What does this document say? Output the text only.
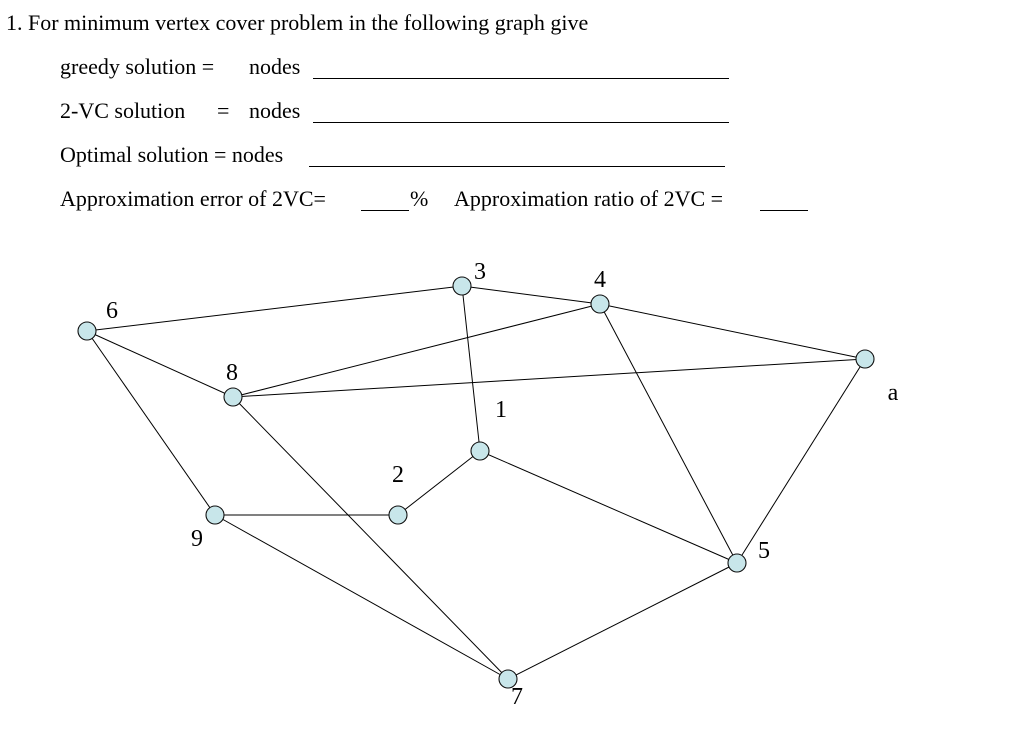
1. For minimum vertex cover problem in the following graph give
greedy solution = nodes
2-VC solution = nodes
Optimal solution = nodes
Approximation error of 2VC=	% Approximation ratio of 2VC =
6
3	4
a
8
1
2
9	5
7
